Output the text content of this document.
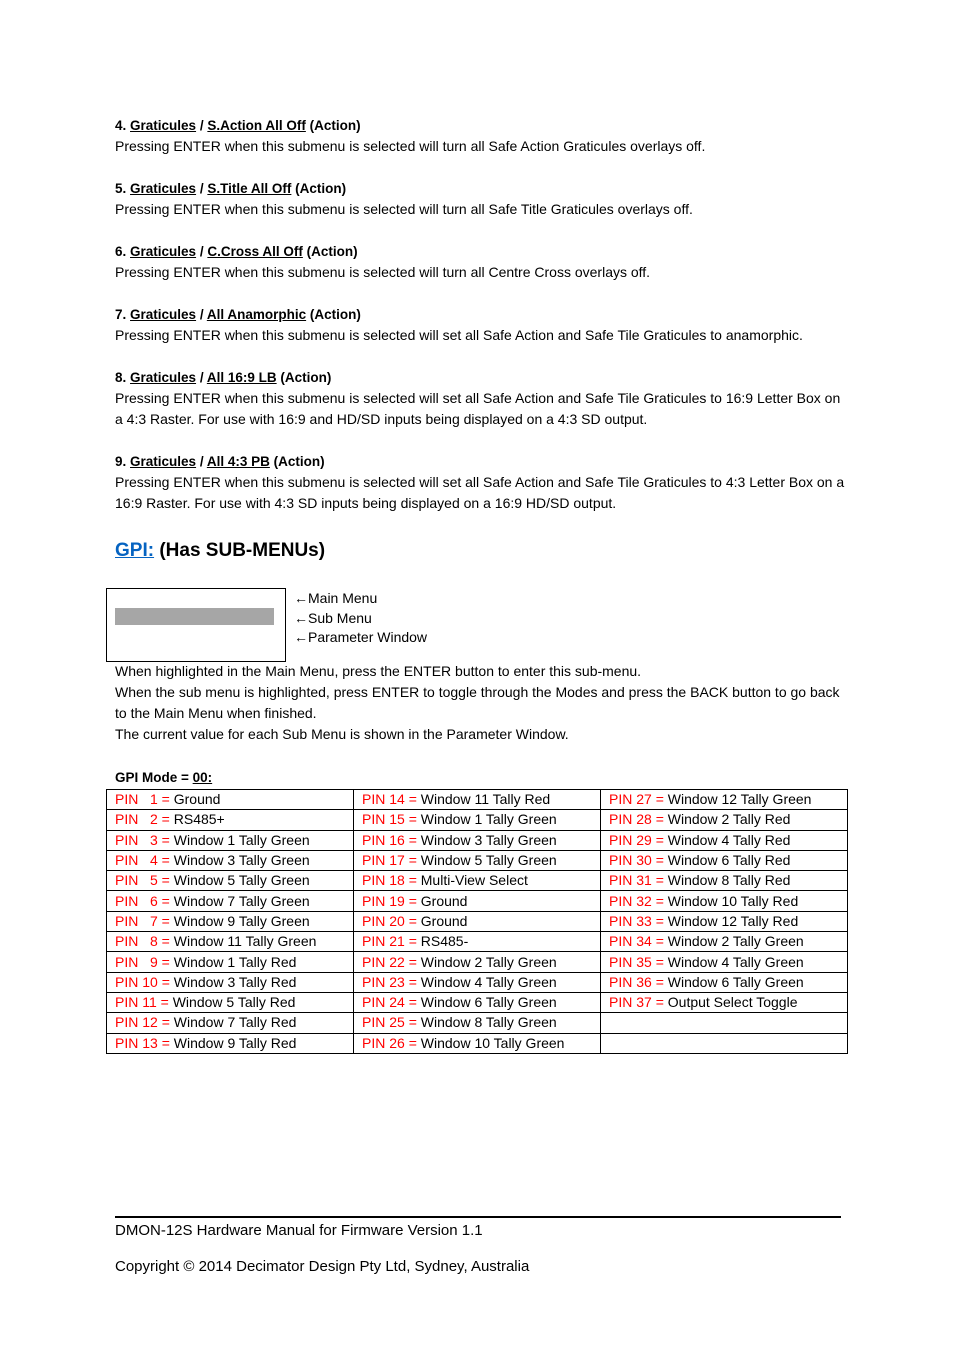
4. Graticules / S.Action All Off (Action)
Pressing ENTER when this submenu is selected will turn all Safe Action Graticules overlays off.
5. Graticules / S.Title All Off (Action)
Pressing ENTER when this submenu is selected will turn all Safe Title Graticules overlays off.
6. Graticules / C.Cross All Off (Action)
Pressing ENTER when this submenu is selected will turn all Centre Cross overlays off.
7. Graticules / All Anamorphic (Action)
Pressing ENTER when this submenu is selected will set all Safe Action and Safe Tile Graticules to anamorphic.
8. Graticules / All 16:9 LB (Action)
Pressing ENTER when this submenu is selected will set all Safe Action and Safe Tile Graticules to 16:9 Letter Box on a 4:3 Raster. For use with 16:9 and HD/SD inputs being displayed on a 4:3 SD output.
9. Graticules / All 4:3 PB (Action)
Pressing ENTER when this submenu is selected will set all Safe Action and Safe Tile Graticules to 4:3 Letter Box on a 16:9 Raster. For use with 4:3 SD inputs being displayed on a 16:9 HD/SD output.
GPI: (Has SUB-MENUs)
←Main Menu
←Sub Menu
←Parameter Window
When highlighted in the Main Menu, press the ENTER button to enter this sub-menu.
When the sub menu is highlighted, press ENTER to toggle through the Modes and press the BACK button to go back to the Main Menu when finished.
The current value for each Sub Menu is shown in the Parameter Window.
GPI Mode = 00:
PIN   1 = Ground	PIN 14 = Window 11 Tally Red	PIN 27 = Window 12 Tally Green
PIN   2 = RS485+	PIN 15 = Window 1 Tally Green	PIN 28 = Window 2 Tally Red
PIN   3 = Window 1 Tally Green	PIN 16 = Window 3 Tally Green	PIN 29 = Window 4 Tally Red
PIN   4 = Window 3 Tally Green	PIN 17 = Window 5 Tally Green	PIN 30 = Window 6 Tally Red
PIN   5 = Window 5 Tally Green	PIN 18 = Multi-View Select	PIN 31 = Window 8 Tally Red
PIN   6 = Window 7 Tally Green	PIN 19 = Ground	PIN 32 = Window 10 Tally Red
PIN   7 = Window 9 Tally Green	PIN 20 = Ground	PIN 33 = Window 12 Tally Red
PIN   8 = Window 11 Tally Green	PIN 21 = RS485-	PIN 34 = Window 2 Tally Green
PIN   9 = Window 1 Tally Red	PIN 22 = Window 2 Tally Green	PIN 35 = Window 4 Tally Green
PIN 10 = Window 3 Tally Red	PIN 23 = Window 4 Tally Green	PIN 36 = Window 6 Tally Green
PIN 11 = Window 5 Tally Red	PIN 24 = Window 6 Tally Green	PIN 37 = Output Select Toggle
PIN 12 = Window 7 Tally Red	PIN 25 = Window 8 Tally Green	
PIN 13 = Window 9 Tally Red	PIN 26 = Window 10 Tally Green	
DMON-12S Hardware Manual for Firmware Version 1.1
Copyright © 2014 Decimator Design Pty Ltd, Sydney, Australia
